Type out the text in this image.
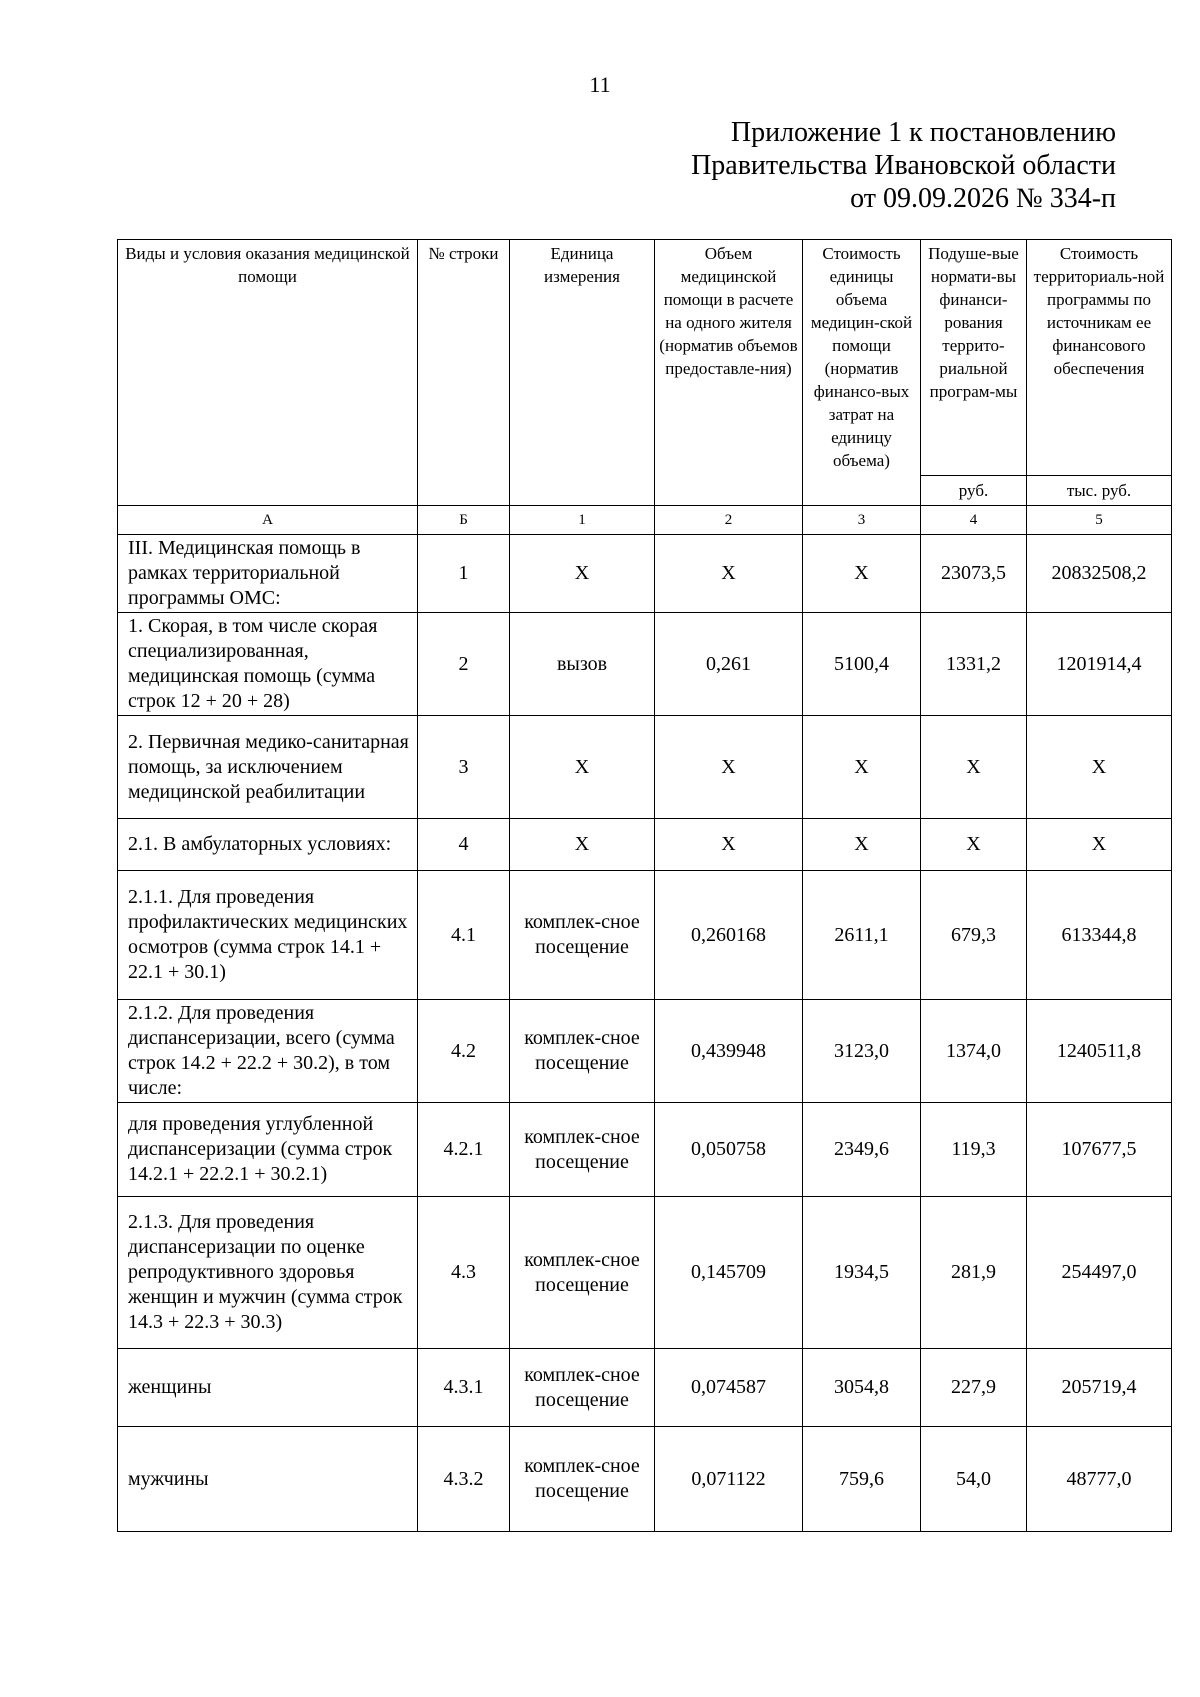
11
Приложение 1 к постановлению
Правительства Ивановской области
от 09.09.2026 № 334-п
Виды и условия оказания медицинской помощи	№ строки	Единица измерения	Объем медицинской помощи в расчете на одного жителя (норматив объемов предоставле-ния)	Стоимость единицы объема медицин-ской помощи (норматив финансо-вых затрат на единицу объема)	Подуше-вые нормати-вы финанси-рования террито-риальной програм-мы	Стоимость территориаль-ной программы по источникам ее финансового обеспечения
					руб.	тыс. руб.
А	Б	1	2	3	4	5
III. Медицинская помощь в рамках территориальной программы ОМС:	1	X	X	X	23073,5	20832508,2
1. Скорая, в том числе скорая специализированная, медицинская помощь (сумма строк 12 + 20 + 28)	2	вызов	0,261	5100,4	1331,2	1201914,4
2. Первичная медико-санитарная помощь, за исключением медицинской реабилитации	3	X	X	X	X	X
2.1. В амбулаторных условиях:	4	X	X	X	X	X
2.1.1. Для проведения профилактических медицинских осмотров (сумма строк 14.1 + 22.1 + 30.1)	4.1	комплек-сное посещение	0,260168	2611,1	679,3	613344,8
2.1.2. Для проведения диспансеризации, всего (сумма строк 14.2 + 22.2 + 30.2), в том числе:	4.2	комплек-сное посещение	0,439948	3123,0	1374,0	1240511,8
для проведения углубленной диспансеризации (сумма строк 14.2.1 + 22.2.1 + 30.2.1)	4.2.1	комплек-сное посещение	0,050758	2349,6	119,3	107677,5
2.1.3. Для проведения диспансеризации по оценке репродуктивного здоровья женщин и мужчин (сумма строк 14.3 + 22.3 + 30.3)	4.3	комплек-сное посещение	0,145709	1934,5	281,9	254497,0
женщины	4.3.1	комплек-сное посещение	0,074587	3054,8	227,9	205719,4
мужчины	4.3.2	комплек-сное посещение	0,071122	759,6	54,0	48777,0
